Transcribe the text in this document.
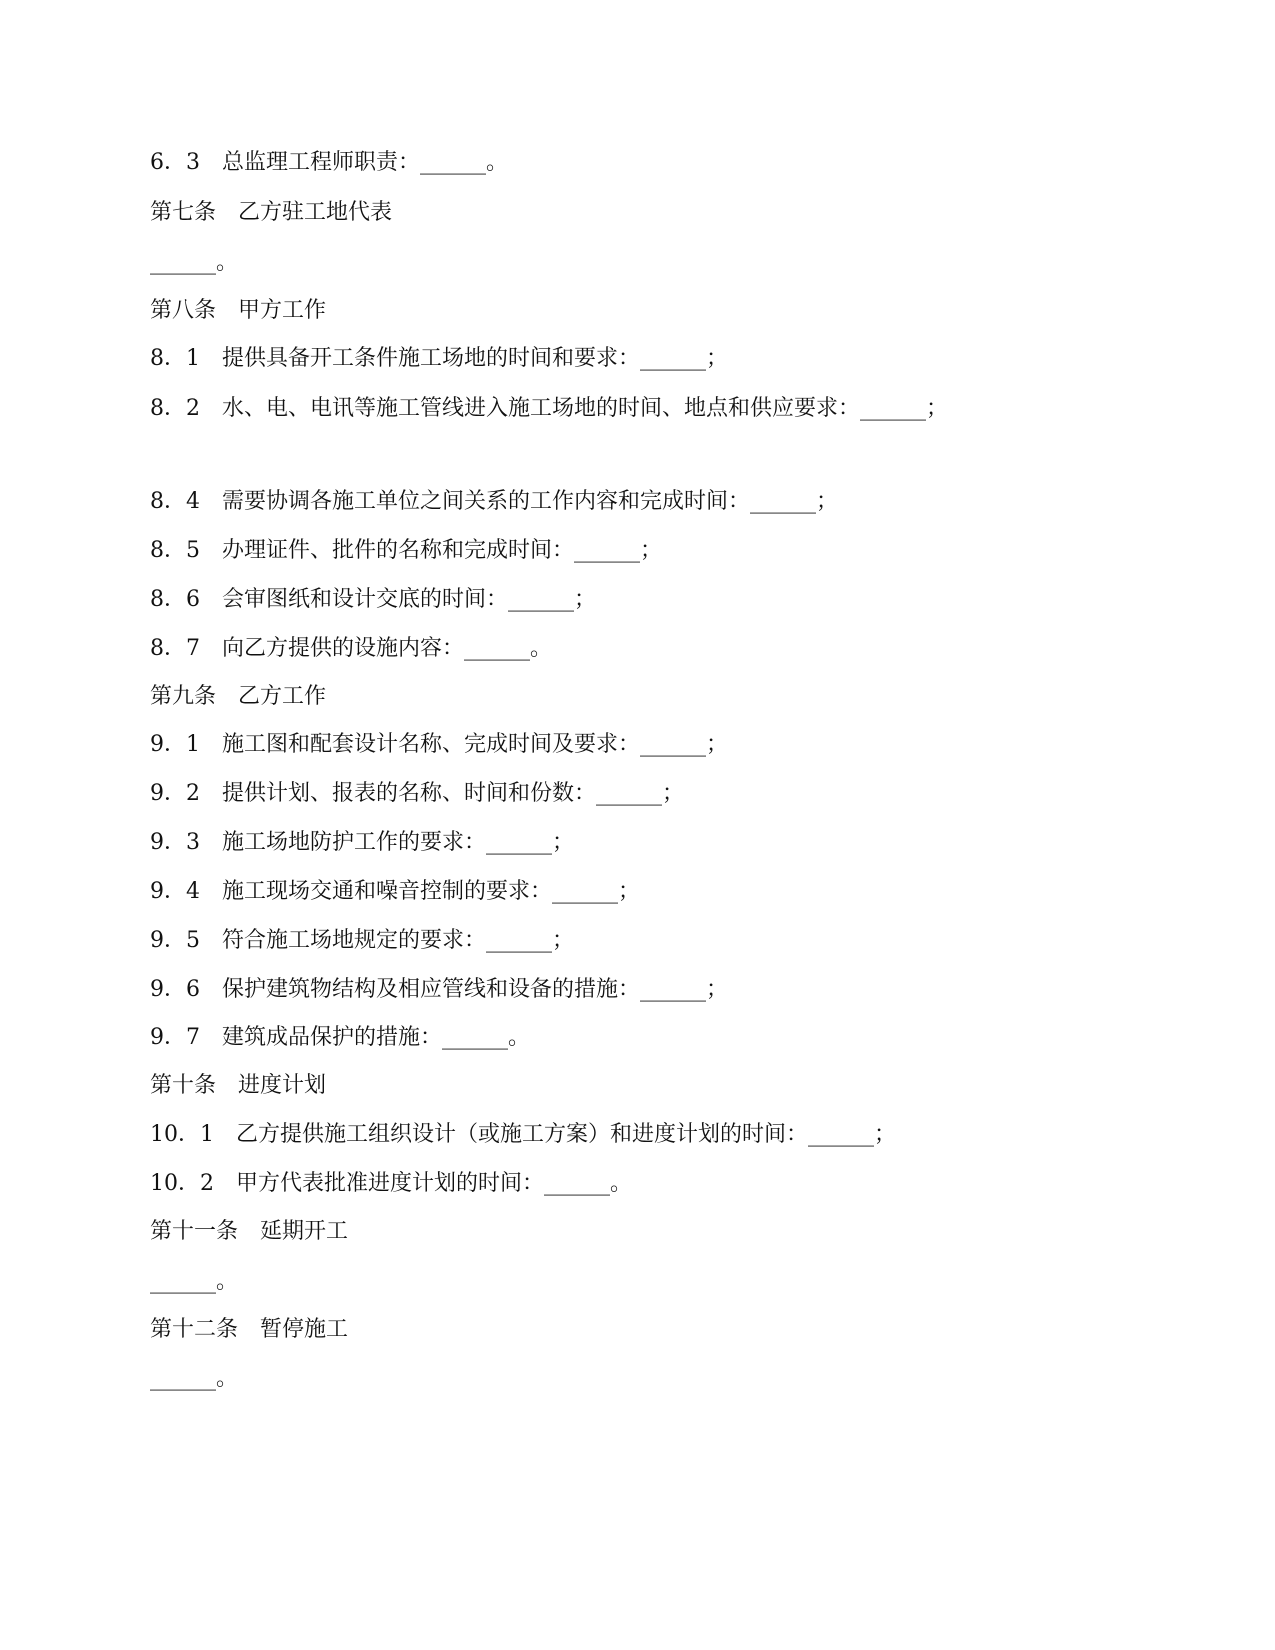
6．3　总监理工程师职责：______。
第七条　乙方驻工地代表
______。
第八条　甲方工作
8．1　提供具备开工条件施工场地的时间和要求：______；
8．2　水、电、电讯等施工管线进入施工场地的时间、地点和供应要求：______；
8．4　需要协调各施工单位之间关系的工作内容和完成时间：______；
8．5　办理证件、批件的名称和完成时间：______；
8．6　会审图纸和设计交底的时间：______；
8．7　向乙方提供的设施内容：______。
第九条　乙方工作
9．1　施工图和配套设计名称、完成时间及要求：______；
9．2　提供计划、报表的名称、时间和份数：______；
9．3　施工场地防护工作的要求：______；
9．4　施工现场交通和噪音控制的要求：______；
9．5　符合施工场地规定的要求：______；
9．6　保护建筑物结构及相应管线和设备的措施：______；
9．7　建筑成品保护的措施：______。
第十条　进度计划
10．1　乙方提供施工组织设计（或施工方案）和进度计划的时间：______；
10．2　甲方代表批准进度计划的时间：______。
第十一条　延期开工
______。
第十二条　暂停施工
______。
